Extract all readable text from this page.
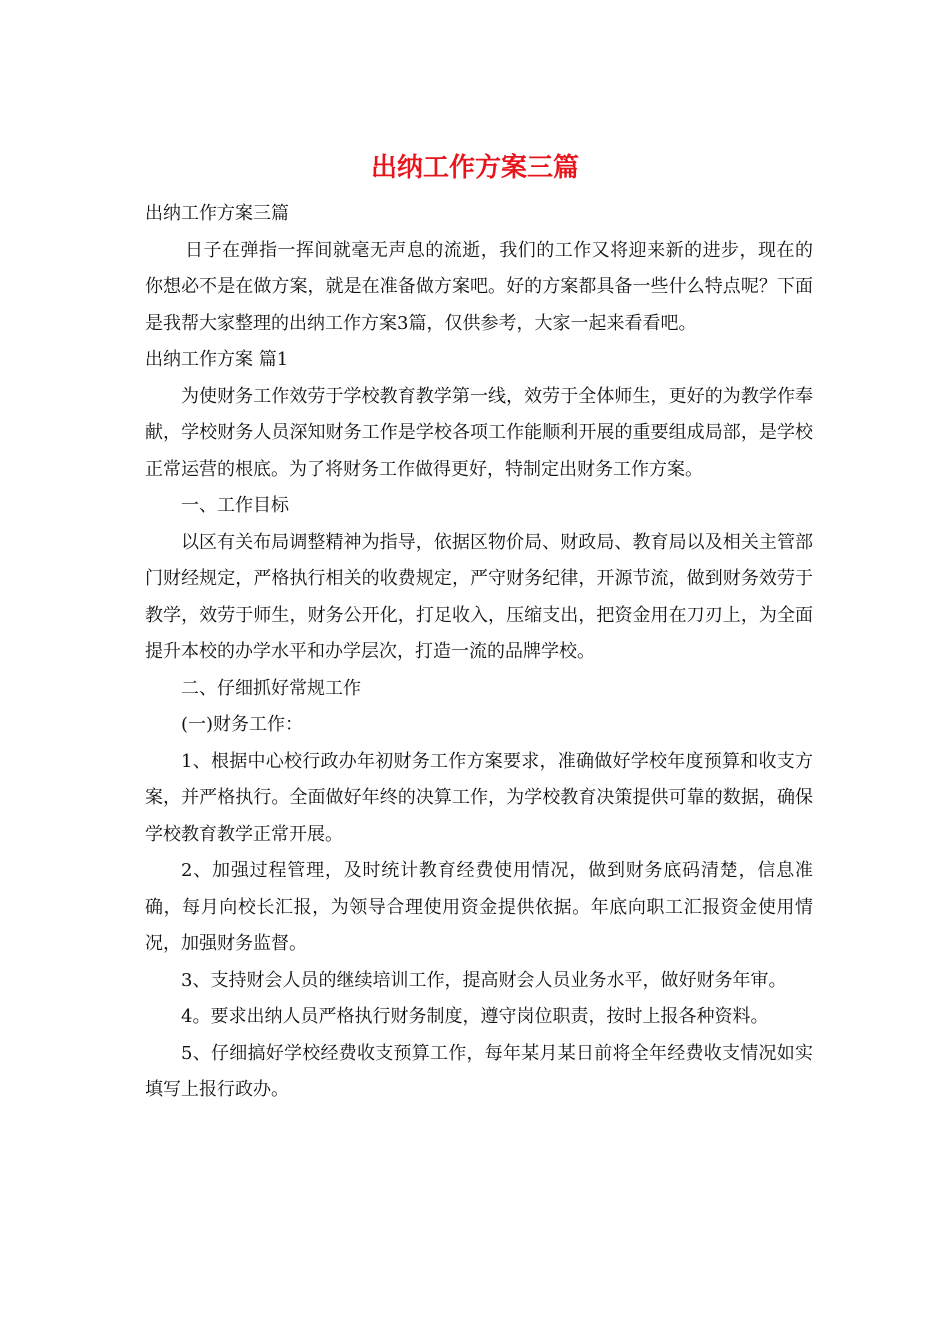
出纳工作方案三篇

出纳工作方案三篇

日子在弹指一挥间就毫无声息的流逝，我们的工作又将迎来新的进步，现在的你想必不是在做方案，就是在准备做方案吧。好的方案都具备一些什么特点呢？下面是我帮大家整理的出纳工作方案3篇，仅供参考，大家一起来看看吧。

出纳工作方案 篇1

为使财务工作效劳于学校教育教学第一线，效劳于全体师生，更好的为教学作奉献，学校财务人员深知财务工作是学校各项工作能顺利开展的重要组成局部，是学校正常运营的根底。为了将财务工作做得更好，特制定出财务工作方案。

一、工作目标

以区有关布局调整精神为指导，依据区物价局、财政局、教育局以及相关主管部门财经规定，严格执行相关的收费规定，严守财务纪律，开源节流，做到财务效劳于教学，效劳于师生，财务公开化，打足收入，压缩支出，把资金用在刀刃上，为全面提升本校的办学水平和办学层次，打造一流的品牌学校。

二、仔细抓好常规工作

(一)财务工作：

1、根据中心校行政办年初财务工作方案要求，准确做好学校年度预算和收支方案，并严格执行。全面做好年终的决算工作，为学校教育决策提供可靠的数据，确保学校教育教学正常开展。

2、加强过程管理，及时统计教育经费使用情况，做到财务底码清楚，信息准确，每月向校长汇报，为领导合理使用资金提供依据。年底向职工汇报资金使用情况，加强财务监督。

3、支持财会人员的继续培训工作，提高财会人员业务水平，做好财务年审。

4。要求出纳人员严格执行财务制度，遵守岗位职责，按时上报各种资料。

5、仔细搞好学校经费收支预算工作，每年某月某日前将全年经费收支情况如实填写上报行政办。
